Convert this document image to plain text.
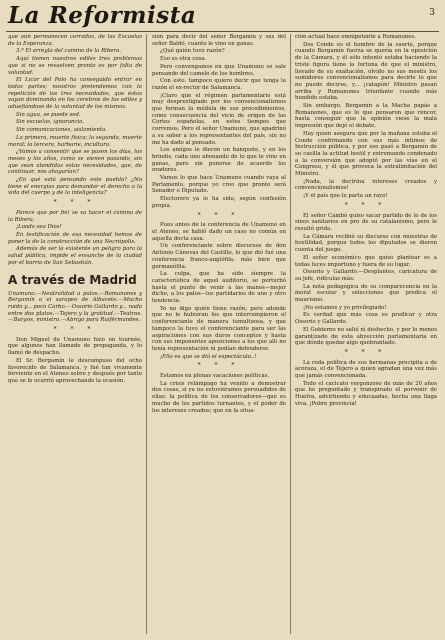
La Reformista	3

que aún permanecen cerrados, de las Escuelas de la Esperanza.

3.ª El arreglo del camino de la Ribera.

Aquí tienen nuestros ediles tres problemas que si no se resuelven pronto es por falta de voluntad.

El Licor del Polo ha conseguido entrar en todas partes; nosotros pretendemos con la repetición de los tres necesidades, que éstas vayan dominando en los cerebros de los ediles y aduefiándose de la voluntad de los mismos.

Sin agua, se puede sed.

Sin escuelas, ignorancia.

Sin comunicaciones, aislamiento.

La primera, muerte física; la segunda, muerte moral; la tercera, barbarie, incultura.

¿Vamos a consentir que se pasen los días, los meses y los años, como se vienen pasando, sin que sean atendidas estas necesidades, que, de continuar, nos ahogarían?

¿En qué está pensando este pueblo? ¿No tiene el energías para demandar el derecho a la vida del cuerpo y de la inteligencia?

* * *

Parece que por fin! se va hacer el camino de la Ribera.

¡Loado sea Dios!

En testificación de esa necesidad hemos de poner la de la construcción de una Necrópolis.

Además de ser la existente un peligro para la salud pública, impide el ensanche de la ciudad por el barrio de San Sebastián.

A través de Madrid

Unamuno.—Neutralidad a palos.—Romanones y Bergamín o el sarapeo de Albacete.—Macho ruido y... poco Carbo.—Ossorio Gallardo y... nada entre dos platos.—Tejero y la gratitud.—Teatros.—Burgos, ministro.—Abrigo para Ruiférmandes.

* * *

Don Miguel de Unamuno hizo un tournée, que algunos han llamado de propaganda, y lo llamó de despacho.

El Sr. Bergamín le descompuso del ocho favorecido de Salamanca, y fué tan vivamente ferviente en el Ateneo sobre y después por tanto que se le ocurrió aprovechando la ocasión.

sión para decir del señor Bergamín y sus del señor Baldó, cuanto le vino en ganas.

¿Qué quién tuvo razón?

Eso es otra cosa.

Pero convengamos en que Unamuno se sale pensando del camelo de los hombres.

Con esto, tampoco quiero decir que tenga la razón el ex-rector de Salamanca.

¡Claro que el régimen parlamentario está muy desprestigiado por los convencionalismos que forman la médula de sus procedimientos, como consecuencia del vicio de origen de las Cortes españolas, en estos tiempos que corremos. Pero el señor Unamuno, que apadrinó a su saber a los representantes del país, sin no me ha dado al pensado.

Los amigos le dieron un banquete, y en los brindis, cada uno abonando de lo que le vino en ganas, pero sin ponerse de acuerdo los oradores.

Vamos lo que hace Unamuno cuando vaya al Parlamento, porque yo creo que pronto será Senador o Diputado.

Electorero ya lo ha sido, según confesión propia.

* * *

Pues antes de la conferencia de Unamuno en el Ateneo, se habló dado un caso no común en aquella docta casa.

Un conferenciante sobre discursos de don Antonio Cánovas del Castillo, lo que dió fué una conferencia franco-anglófila, más bien que germanófila.

La culpa, que ha sido siempre la característica de aquel auditorio, se perturbó hasta el punto de venir a las manos—mejor dicho, a los palos—los partidarios de uno y otro tendencia.

Yo no digo quién tiene razón; pero adonde que no le hubieran los que interrumpieron el conferenciante de manera tumultuosa, y que tampoco la tuvo el conferenciante para ser las aspiraciones con sus duros conceptos y hasta con sus imponentes aposiciones a los que allí no tenía representación ni podían defenderse.

¡Ello es que se dió el espectáculo..!

* * *

Estamos en plenas vacaciones políticas.

La crisis relámpago ha venido a demostrar dos cosas, si ya no estuviéramos persuadidos de ellas: la política de los conservadores—que es mucho de los partidos turnantes, y el poder de los intereses creados; que en la situa-

ción actual hace omnipotente a Romanones.

Dos Conde es el hombre de la suerte, porque cuando Bergamín fuerza se quería en la oposición de la Cámara, y él sólo intentó estaba haciendo la triste figura tiene la fortuna de que el ministro, llevado de su exaltación, olvido no sus meetis los sumidores convencionalismos para decirle lo que no puede decirse, y... ¡catapún! Ministro pasan arriba y Romanones triunfante cuando más hundido estaba.

Sin embargo, Bergamín a la Macha papás a Romanones, que es lo que pensaron que rencor, hasta conseguir que la opinión viese la mala impresión que dejó el debate.

Hay quien asegura que por la mañana estaba el Conde confirmando con sus más íntimos de Instrucción pública, y por eso pasó a Bergamín de su casilla la actitud hostil y extremando condenado a la conversión que adoptó por las vías en el Congreso, y él que provoca la extralimitación del Ministro.

¡Nada, la doctrina intereses creados y convencionalismos!

¡Y el país que le parta un rayo!

* * *

El señor Cambó quiso sacar partido de lo de los sinos sanitarios en pro de su catalanismo, pero le resultó grida.

La Cámara recibió su discurso con muestras de hostilidad, porque todos los diputados se dieron cuenta del juego.

El señor económico que quiso plantear es a todas luces importuno y fuera de su lugar.

Ossorio y Gallardo.—Desplantes, caricatura de su jefe, ridículas más.

La nota pedagógica de su comparecencia en la moral escolar y selecciones que predica el maurismo.

¡No estamos y yo privilegiado!

Es verdad que más cosa es predicar y otra Ossorio y Gallardo.

El Gobierno no salió ni deshecho, y por lo menos garantizado de esta abyección parlamentaria en que dónde quedar algo quebrantado.

* * *

La roda política de sus hermanas precipita a de acoraza, el de Tejero a quien agradan una vez más que jamás convencionada.

Todo el cacicato vergonzoso de más de 20 años que he preguntado y transpirado el porvenir de Huelva, advirtiendo y educaadas, hecha una llaga viva. ¡Pobre provincia!
